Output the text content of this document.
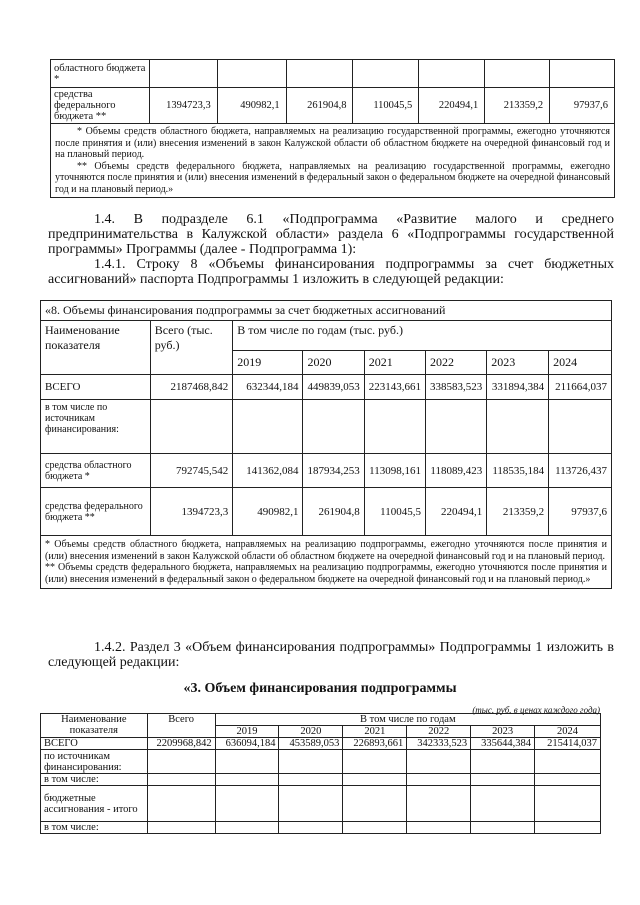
областного бюджета *							
средства федерального бюджета **	1394723,3	490982,1	261904,8	110045,5	220494,1	213359,2	97937,6

* Объемы средств областного бюджета, направляемых на реализацию государственной программы, ежегодно уточняются после принятия и (или) внесения изменений в закон Калужской области об областном бюджете на очередной финансовый год и на плановый период.
** Объемы средств федерального бюджета, направляемых на реализацию государственной программы, ежегодно уточняются после принятия и (или) внесения изменений в федеральный закон о федеральном бюджете на очередной финансовый год и на плановый период.»							
1.4. В подразделе 6.1 «Подпрограмма «Развитие малого и среднего предпринимательства в Калужской области» раздела 6 «Подпрограммы государственной программы» Программы (далее - Подпрограмма 1):
1.4.1. Строку 8 «Объемы финансирования подпрограммы за счет бюджетных ассигнований» паспорта Подпрограммы 1 изложить в следующей редакции:
«8. Объемы финансирования подпрограммы за счет бюджетных ассигнований							
Наименование показателя	Всего (тыс. руб.)	В том числе по годам (тыс. руб.)					
		2019	2020	2021	2022	2023	2024
ВСЕГО	2187468,842	632344,184	449839,053	223143,661	338583,523	331894,384	211664,037
в том числе по источникам финансирования:							
средства областного бюджета *	792745,542	141362,084	187934,253	113098,161	118089,423	118535,184	113726,437
средства федерального бюджета **	1394723,3	490982,1	261904,8	110045,5	220494,1	213359,2	97937,6

* Объемы средств областного бюджета, направляемых на реализацию подпрограммы, ежегодно уточняются после принятия и (или) внесения изменений в закон Калужской области об областном бюджете на очередной финансовый год и на плановый период.
** Объемы средств федерального бюджета, направляемых на реализацию подпрограммы, ежегодно уточняются после принятия и (или) внесения изменений в федеральный закон о федеральном бюджете на очередной финансовый год и на плановый период.»							
1.4.2. Раздел 3 «Объем финансирования подпрограммы» Подпрограммы 1 изложить в следующей редакции:
«3. Объем финансирования подпрограммы
(тыс. руб. в ценах каждого года)
Наименование показателя	Всего	В том числе по годам					
		2019	2020	2021	2022	2023	2024
ВСЕГО	2209968,842	636094,184	453589,053	226893,661	342333,523	335644,384	215414,037
по источникам финансирования:							
в том числе:							
бюджетные ассигнования - итого							
в том числе:							
